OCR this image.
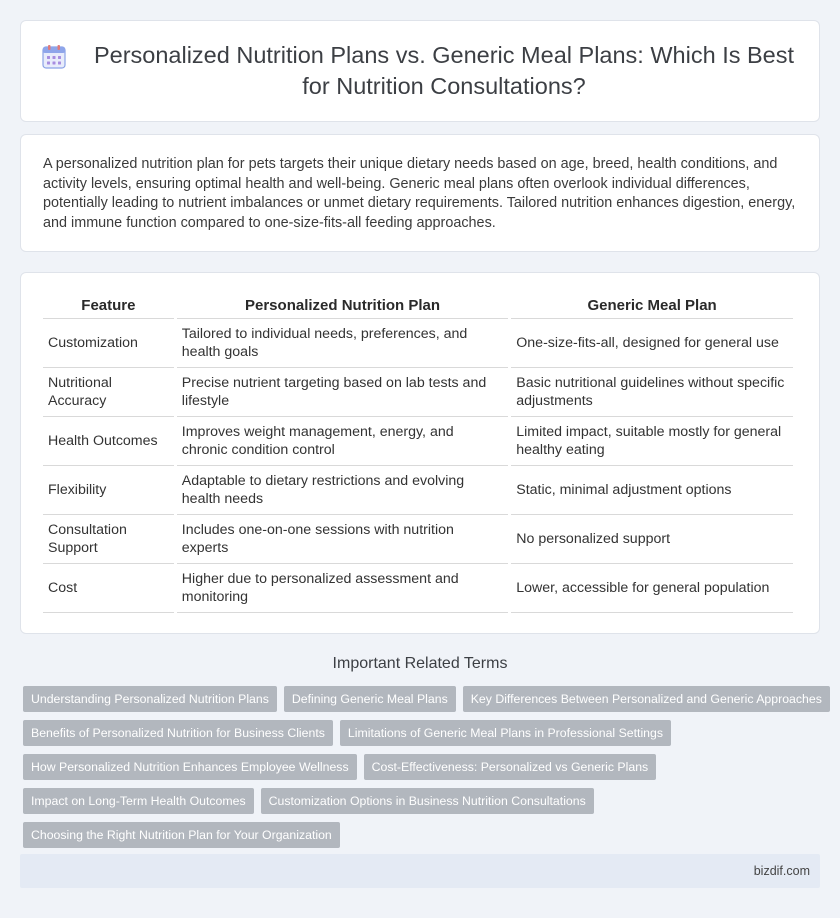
Personalized Nutrition Plans vs. Generic Meal Plans: Which Is Best for Nutrition Consultations?

A personalized nutrition plan for pets targets their unique dietary needs based on age, breed, health conditions, and activity levels, ensuring optimal health and well-being. Generic meal plans often overlook individual differences, potentially leading to nutrient imbalances or unmet dietary requirements. Tailored nutrition enhances digestion, energy, and immune function compared to one-size-fits-all feeding approaches.

Feature	Personalized Nutrition Plan	Generic Meal Plan
Customization	Tailored to individual needs, preferences, and health goals	One-size-fits-all, designed for general use
Nutritional Accuracy	Precise nutrient targeting based on lab tests and lifestyle	Basic nutritional guidelines without specific adjustments
Health Outcomes	Improves weight management, energy, and chronic condition control	Limited impact, suitable mostly for general healthy eating
Flexibility	Adaptable to dietary restrictions and evolving health needs	Static, minimal adjustment options
Consultation Support	Includes one-on-one sessions with nutrition experts	No personalized support
Cost	Higher due to personalized assessment and monitoring	Lower, accessible for general population
Important Related Terms
Understanding Personalized Nutrition Plans	Defining Generic Meal Plans	Key Differences Between Personalized and Generic Approaches
Benefits of Personalized Nutrition for Business Clients	Limitations of Generic Meal Plans in Professional Settings
How Personalized Nutrition Enhances Employee Wellness	Cost-Effectiveness: Personalized vs Generic Plans
Impact on Long-Term Health Outcomes	Customization Options in Business Nutrition Consultations
Choosing the Right Nutrition Plan for Your Organization
bizdif.com
